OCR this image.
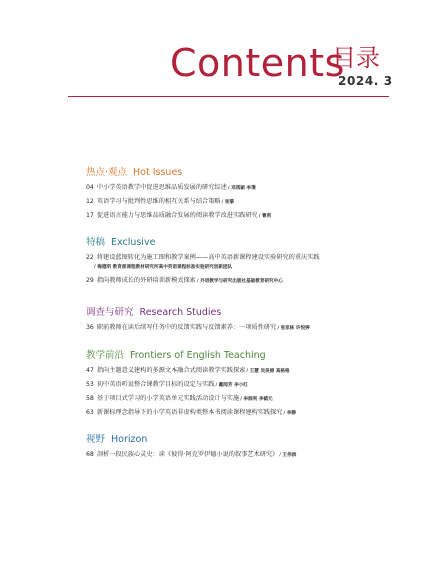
Contents
目录
2024. 3
热点·观点 Hot Issues
04 中小学英语教学中促进思维品质发展的研究综述/ 邓鸿颖 李璟
12 英语学习与批判性思维的相互关系与结合策略/ 张黎
17 促进语言能力与思维品质融合发展的阅读教学改进实践研究/ 曹莉
特稿 Exclusive
22 将建设蓝图转化为施工图和教学案例——高中英语新课程建设实验研究的重庆实践
/ 梅德明 教育部课程教材研究所高中英语课程标准实验研究创新团队
29 指向教师成长的外研培训新模式探索/ 外语教学与研究出版社基础教育研究中心
调查与研究 Research Studies
36 职前教师在读后续写任务中的反馈实践与反馈素养：一项质性研究/ 张家栋 许悦婷
教学前沿 Frontiers of English Teaching
47 指向主题意义建构的多源文本融合式阅读教学实践探索/ 王慧 吴美丽 高格格
53 初中英语听说整合课教学目标的设定与实践/ 戴闻芳 李小红
58 基于项目式学习的小学英语单元实践活动设计与实施/ 李润利 李鹤元
63 新课标理念指导下的小学英语非虚构类整本书阅读课程建构实践探究/ 李静
视野 Horizon
68 剖析一段民族心灵史：读《彼得·阿克罗伊德小说的叙事艺术研究》/ 王伟滨
